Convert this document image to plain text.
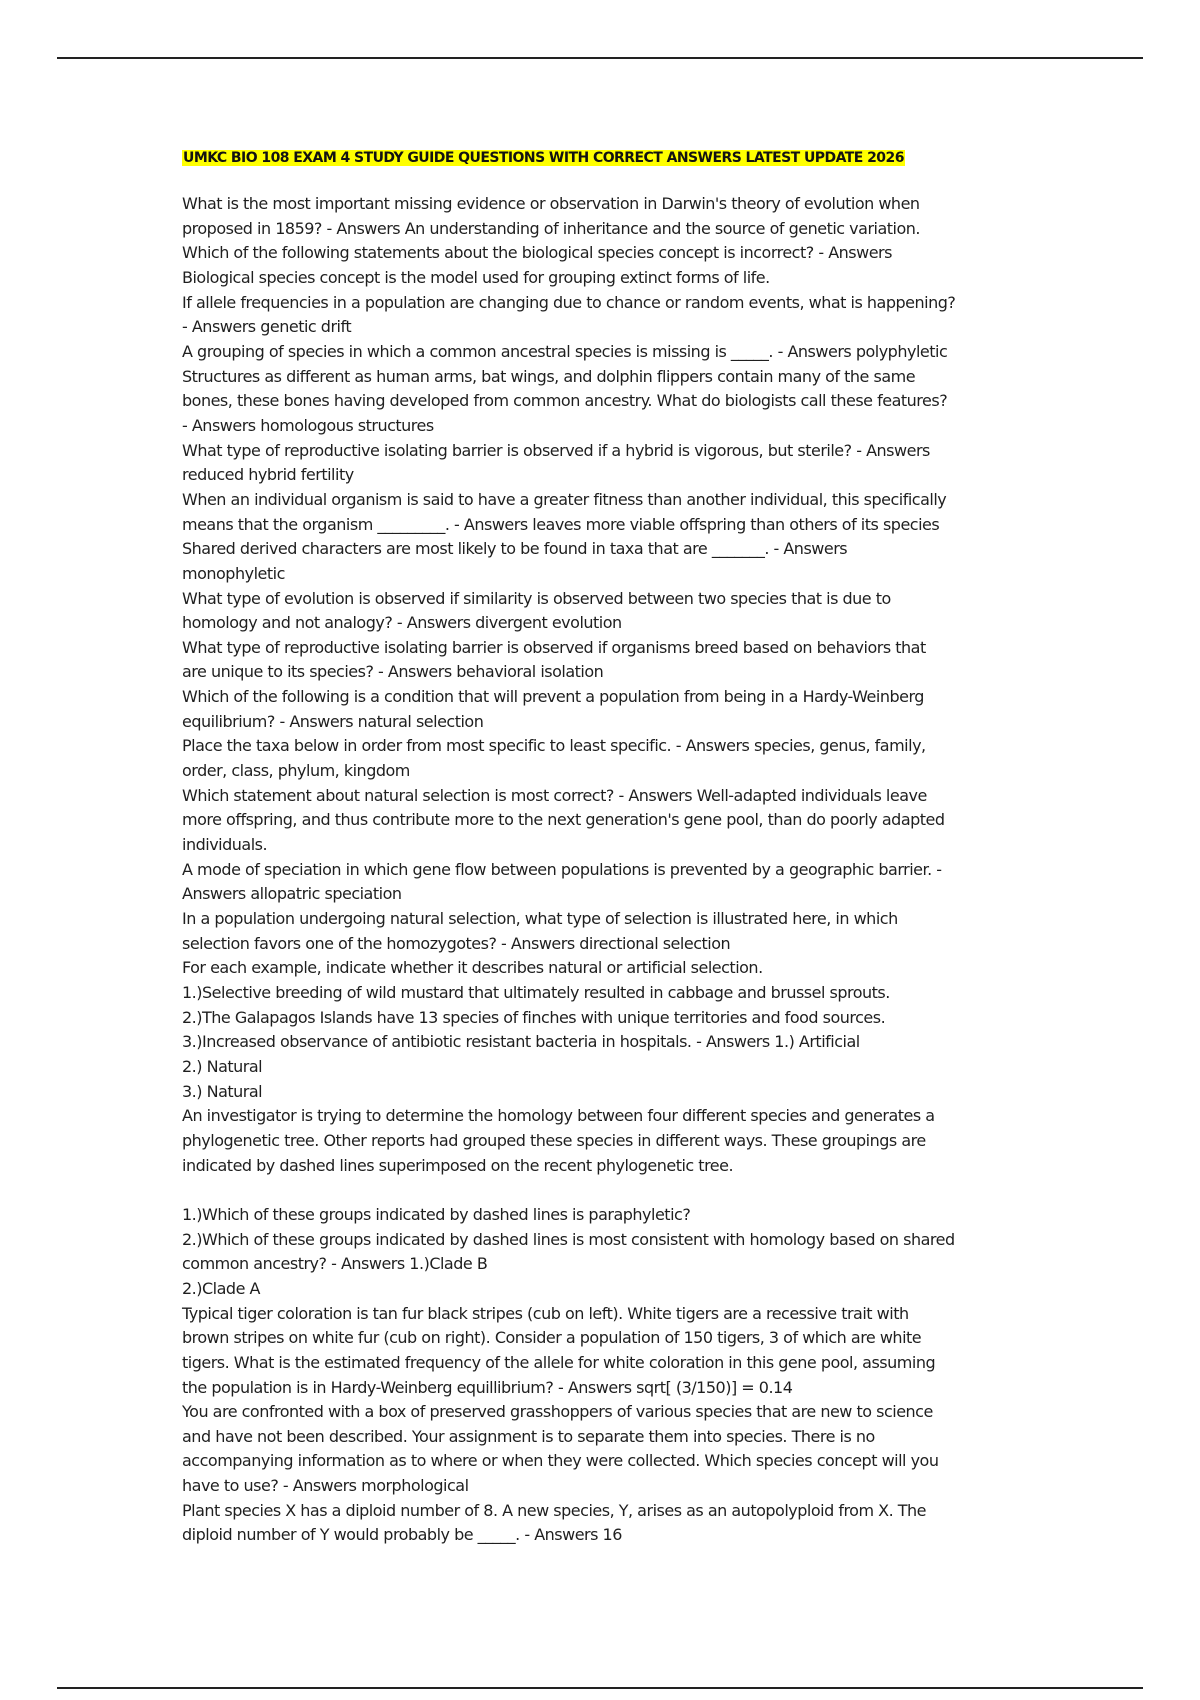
UMKC BIO 108 EXAM 4 STUDY GUIDE QUESTIONS WITH CORRECT ANSWERS LATEST UPDATE 2026
What is the most important missing evidence or observation in Darwin's theory of evolution when
proposed in 1859? - Answers An understanding of inheritance and the source of genetic variation.
Which of the following statements about the biological species concept is incorrect? - Answers
Biological species concept is the model used for grouping extinct forms of life.
If allele frequencies in a population are changing due to chance or random events, what is happening?
- Answers genetic drift
A grouping of species in which a common ancestral species is missing is _____. - Answers polyphyletic
Structures as different as human arms, bat wings, and dolphin flippers contain many of the same
bones, these bones having developed from common ancestry. What do biologists call these features?
- Answers homologous structures
What type of reproductive isolating barrier is observed if a hybrid is vigorous, but sterile? - Answers
reduced hybrid fertility
When an individual organism is said to have a greater fitness than another individual, this specifically
means that the organism _________. - Answers leaves more viable offspring than others of its species
Shared derived characters are most likely to be found in taxa that are _______. - Answers
monophyletic
What type of evolution is observed if similarity is observed between two species that is due to
homology and not analogy? - Answers divergent evolution
What type of reproductive isolating barrier is observed if organisms breed based on behaviors that
are unique to its species? - Answers behavioral isolation
Which of the following is a condition that will prevent a population from being in a Hardy-Weinberg
equilibrium? - Answers natural selection
Place the taxa below in order from most specific to least specific. - Answers species, genus, family,
order, class, phylum, kingdom
Which statement about natural selection is most correct? - Answers Well-adapted individuals leave
more offspring, and thus contribute more to the next generation's gene pool, than do poorly adapted
individuals.
A mode of speciation in which gene flow between populations is prevented by a geographic barrier. -
Answers allopatric speciation
In a population undergoing natural selection, what type of selection is illustrated here, in which
selection favors one of the homozygotes? - Answers directional selection
For each example, indicate whether it describes natural or artificial selection.
1.)Selective breeding of wild mustard that ultimately resulted in cabbage and brussel sprouts.
2.)The Galapagos Islands have 13 species of finches with unique territories and food sources.
3.)Increased observance of antibiotic resistant bacteria in hospitals. - Answers 1.) Artificial
2.) Natural
3.) Natural
An investigator is trying to determine the homology between four different species and generates a
phylogenetic tree. Other reports had grouped these species in different ways. These groupings are
indicated by dashed lines superimposed on the recent phylogenetic tree.
1.)Which of these groups indicated by dashed lines is paraphyletic?
2.)Which of these groups indicated by dashed lines is most consistent with homology based on shared
common ancestry? - Answers 1.)Clade B
2.)Clade A
Typical tiger coloration is tan fur black stripes (cub on left). White tigers are a recessive trait with
brown stripes on white fur (cub on right). Consider a population of 150 tigers, 3 of which are white
tigers. What is the estimated frequency of the allele for white coloration in this gene pool, assuming
the population is in Hardy-Weinberg equillibrium? - Answers sqrt[ (3/150)] = 0.14
You are confronted with a box of preserved grasshoppers of various species that are new to science
and have not been described. Your assignment is to separate them into species. There is no
accompanying information as to where or when they were collected. Which species concept will you
have to use? - Answers morphological
Plant species X has a diploid number of 8. A new species, Y, arises as an autopolyploid from X. The
diploid number of Y would probably be _____. - Answers 16
